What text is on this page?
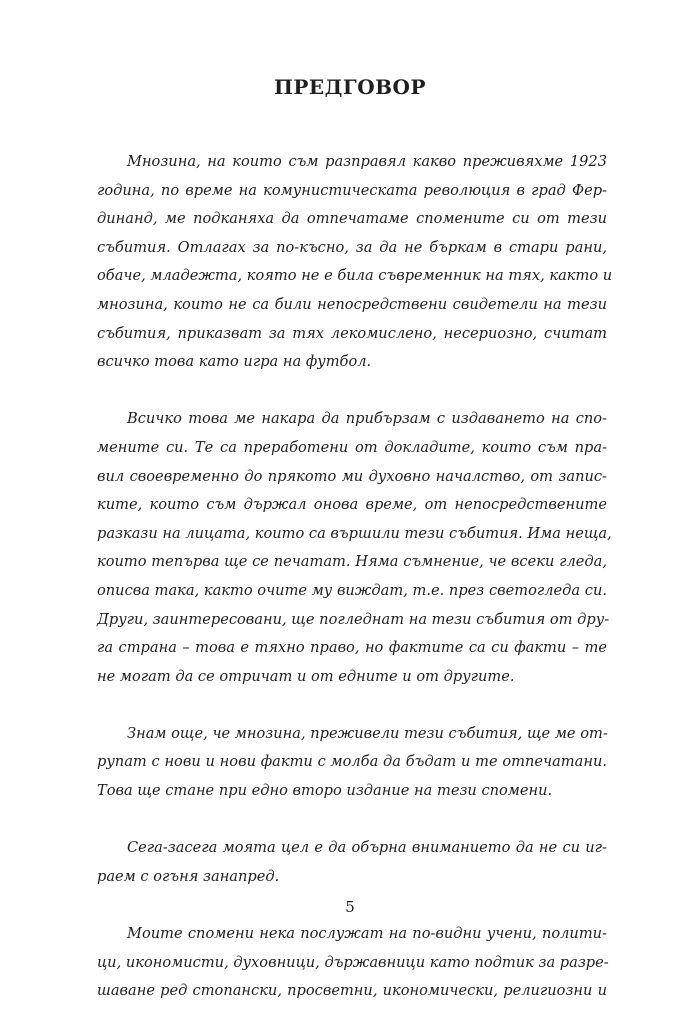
ПРЕДГОВОР

Мнозина, на които съм разправял какво преживяхме 1923
година, по време на комунистическата революция в град Фер-
динанд, ме подканяха да отпечатаме спомените си от тези
събития. Отлагах за по-късно, за да не бъркам в стари рани,
обаче, младежта, която не е била съвременник на тях, както и
мнозина, които не са били непосредствени свидетели на тези
събития, приказват за тях лекомислено, несериозно, считат
всичко това като игра на футбол.

Всичко това ме накара да прибързам с издаването на спо-
мените си. Те са преработени от докладите, които съм пра-
вил своевременно до прякото ми духовно началство, от запис-
ките, които съм държал онова време, от непосредствените
разкази на лицата, които са вършили тези събития. Има неща,
които тепърва ще се печатат. Няма съмнение, че всеки гледа,
описва така, както очите му виждат, т.е. през светогледа си.
Други, заинтересовани, ще погледнат на тези събития от дру-
га страна – това е тяхно право, но фактите са си факти – те
не могат да се отричат и от едните и от другите.

Знам още, че мнозина, преживели тези събития, ще ме от-
рупат с нови и нови факти с молба да бъдат и те отпечатани.
Това ще стане при едно второ издание на тези спомени.

Сега-засега моята цел е да обърна вниманието да не си иг-
раем с огъня занапред.

Моите спомени нека послужат на по-видни учени, полити-
ци, икономисти, духовници, държавници като подтик за разре-
шаване ред стопански, просветни, икономически, религиозни и

5
